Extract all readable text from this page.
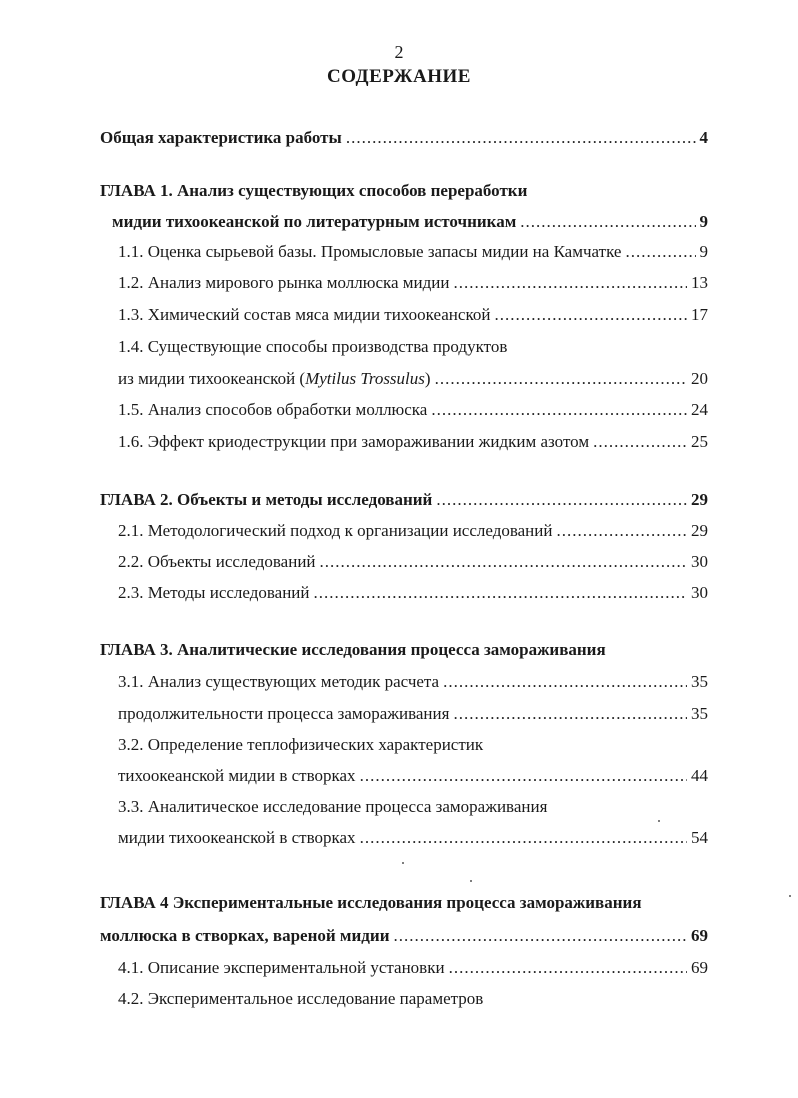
2
СОДЕРЖАНИЕ
Общая характеристика работы .....	4
ГЛАВА 1. Анализ существующих способов переработки
мидии тихоокеанской по литературным источникам .....	9
1.1. Оценка сырьевой базы. Промысловые запасы мидии на Камчатке .....	9
1.2. Анализ мирового рынка моллюска мидии .....	13
1.3. Химический состав мяса мидии тихоокеанской .....	17
1.4. Существующие способы производства продуктов
из мидии тихоокеанской (Mytilus Trossulus) .....	20
1.5. Анализ способов обработки моллюска .....	24
1.6. Эффект криодеструкции при замораживании жидким азотом .....	25
ГЛАВА 2. Объекты и методы исследований .....	29
2.1. Методологический подход к организации исследований .....	29
2.2. Объекты исследований .....	30
2.3. Методы исследований .....	30
ГЛАВА 3. Аналитические исследования процесса замораживания
3.1. Анализ существующих методик расчета .....	35
продолжительности процесса замораживания .....	35
3.2. Определение теплофизических характеристик
тихоокеанской мидии в створках .....	44
3.3. Аналитическое исследование процесса замораживания
мидии тихоокеанской в створках .....	54
ГЛАВА 4 Экспериментальные исследования процесса замораживания
моллюска в створках, вареной мидии .....	69
4.1. Описание экспериментальной установки .....	69
4.2. Экспериментальное исследование параметров
